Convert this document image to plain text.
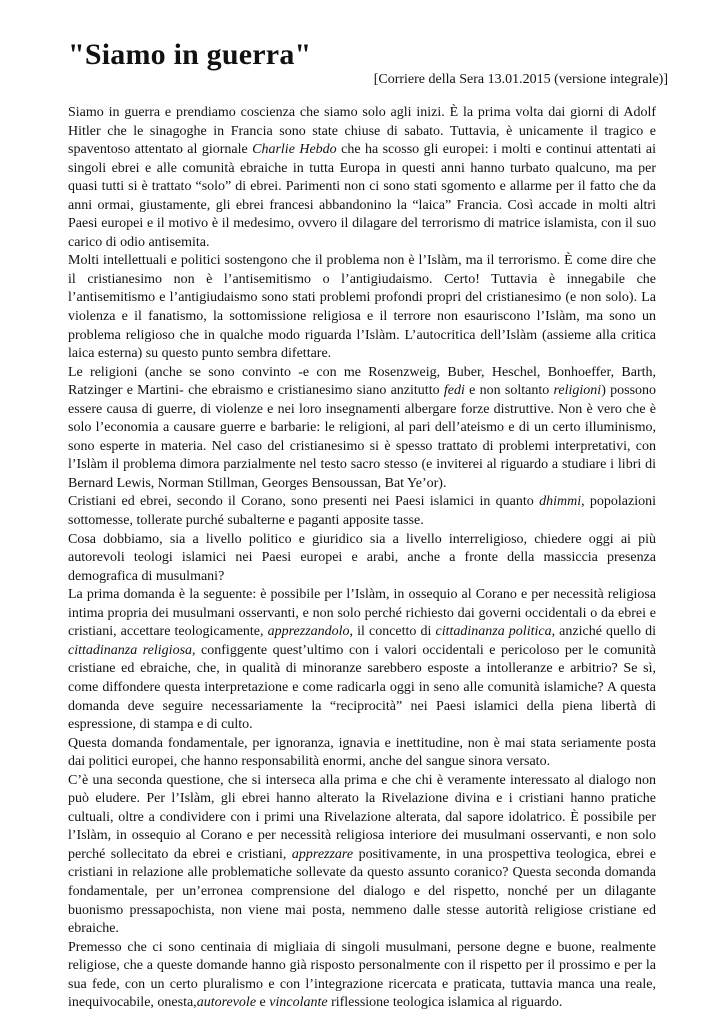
"Siamo in guerra"
[Corriere della Sera 13.01.2015 (versione integrale)]

Siamo in guerra e prendiamo coscienza che siamo solo agli inizi. È la prima volta dai giorni di Adolf Hitler che le sinagoghe in Francia sono state chiuse di sabato. Tuttavia, è unicamente il tragico e spaventoso attentato al giornale Charlie Hebdo che ha scosso gli europei: i molti e continui attentati ai singoli ebrei e alle comunità ebraiche in tutta Europa in questi anni hanno turbato qualcuno, ma per quasi tutti si è trattato “solo” di ebrei. Parimenti non ci sono stati sgomento e allarme per il fatto che da anni ormai, giustamente, gli ebrei francesi abbandonino la “laica” Francia. Così accade in molti altri Paesi europei e il motivo è il medesimo, ovvero il dilagare del terrorismo di matrice islamista, con il suo carico di odio antisemita.

Molti intellettuali e politici sostengono che il problema non è l’Islàm, ma il terrorismo. È come dire che il cristianesimo non è l’antisemitismo o l’antigiudaismo. Certo! Tuttavia è innegabile che l’antisemitismo e l’antigiudaismo sono stati problemi profondi propri del cristianesimo (e non solo). La violenza e il fanatismo, la sottomissione religiosa e il terrore non esauriscono l’Islàm, ma sono un problema religioso che in qualche modo riguarda l’Islàm. L’autocritica dell’Islàm (assieme alla critica laica esterna) su questo punto sembra difettare.

Le religioni (anche se sono convinto -e con me Rosenzweig, Buber, Heschel, Bonhoeffer, Barth, Ratzinger e Martini- che ebraismo e cristianesimo siano anzitutto fedi e non soltanto religioni) possono essere causa di guerre, di violenze e nei loro insegnamenti albergare forze distruttive. Non è vero che è solo l’economia a causare guerre e barbarie: le religioni, al pari dell’ateismo e di un certo illuminismo, sono esperte in materia. Nel caso del cristianesimo si è spesso trattato di problemi interpretativi, con l’Islàm il problema dimora parzialmente nel testo sacro stesso (e inviterei al riguardo a studiare i libri di Bernard Lewis, Norman Stillman, Georges Bensoussan, Bat Ye’or).

Cristiani ed ebrei, secondo il Corano, sono presenti nei Paesi islamici in quanto dhimmi, popolazioni sottomesse, tollerate purché subalterne e paganti apposite tasse.

Cosa dobbiamo, sia a livello politico e giuridico sia a livello interreligioso, chiedere oggi ai più autorevoli teologi islamici nei Paesi europei e arabi, anche a fronte della massiccia presenza demografica di musulmani?

La prima domanda è la seguente: è possibile per l’Islàm, in ossequio al Corano e per necessità religiosa intima propria dei musulmani osservanti, e non solo perché richiesto dai governi occidentali o da ebrei e cristiani, accettare teologicamente, apprezzandolo, il concetto di cittadinanza politica, anziché quello di cittadinanza religiosa, configgente quest’ultimo con i valori occidentali e pericoloso per le comunità cristiane ed ebraiche, che, in qualità di minoranze sarebbero esposte a intolleranze e arbitrio? Se sì, come diffondere questa interpretazione e come radicarla oggi in seno alle comunità islamiche? A questa domanda deve seguire necessariamente la “reciprocità” nei Paesi islamici della piena libertà di espressione, di stampa e di culto.

Questa domanda fondamentale, per ignoranza, ignavia e inettitudine, non è mai stata seriamente posta dai politici europei, che hanno responsabilità enormi, anche del sangue sinora versato.

C’è una seconda questione, che si interseca alla prima e che chi è veramente interessato al dialogo non può eludere. Per l’Islàm, gli ebrei hanno alterato la Rivelazione divina e i cristiani hanno pratiche cultuali, oltre a condividere con i primi una Rivelazione alterata, dal sapore idolatrico. È possibile per l’Islàm, in ossequio al Corano e per necessità religiosa interiore dei musulmani osservanti, e non solo perché sollecitato da ebrei e cristiani, apprezzare positivamente, in una prospettiva teologica, ebrei e cristiani in relazione alle problematiche sollevate da questo assunto coranico? Questa seconda domanda fondamentale, per un’erronea comprensione del dialogo e del rispetto, nonché per un dilagante buonismo pressapochista, non viene mai posta, nemmeno dalle stesse autorità religiose cristiane ed ebraiche.

Premesso che ci sono centinaia di migliaia di singoli musulmani, persone degne e buone, realmente religiose, che a queste domande hanno già risposto personalmente con il rispetto per il prossimo e per la sua fede, con un certo pluralismo e con l’integrazione ricercata e praticata, tuttavia manca una reale, inequivocabile, onesta,autorevole e vincolante riflessione teologica islamica al riguardo.
